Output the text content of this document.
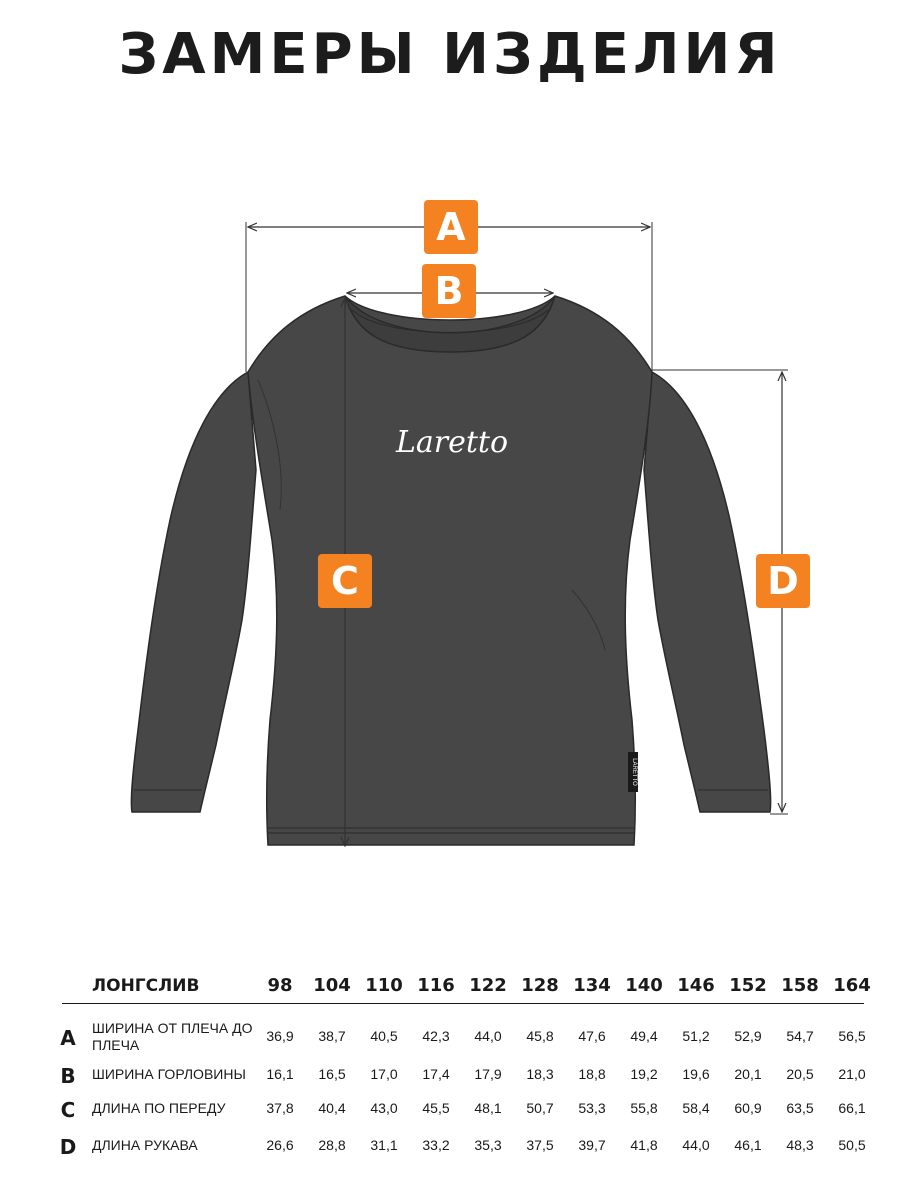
ЗАМЕРЫ ИЗДЕЛИЯ
LARETTO
Laretto
A
B
C	D
ЛОНГСЛИВ	98	104 110 116 122 128 134 140 146 152 158 164
A ШИРИНА ОТ ПЛЕЧА ДО ПЛЕЧА
36,9	38,7	40,5	42,3	44,0	45,8	47,6	49,4	51,2	52,9	54,7	56,5
B ШИРИНА ГОРЛОВИНЫ	16,1	16,5	17,0	17,4	17,9	18,3	18,8	19,2	19,6	20,1	20,5	21,0
C ДЛИНА ПО ПЕРЕДУ	37,8	40,4	43,0	45,5	48,1	50,7	53,3	55,8	58,4	60,9	63,5	66,1
D ДЛИНА РУКАВА	26,6	28,8	31,1	33,2	35,3	37,5	39,7	41,8	44,0	46,1	48,3	50,5
